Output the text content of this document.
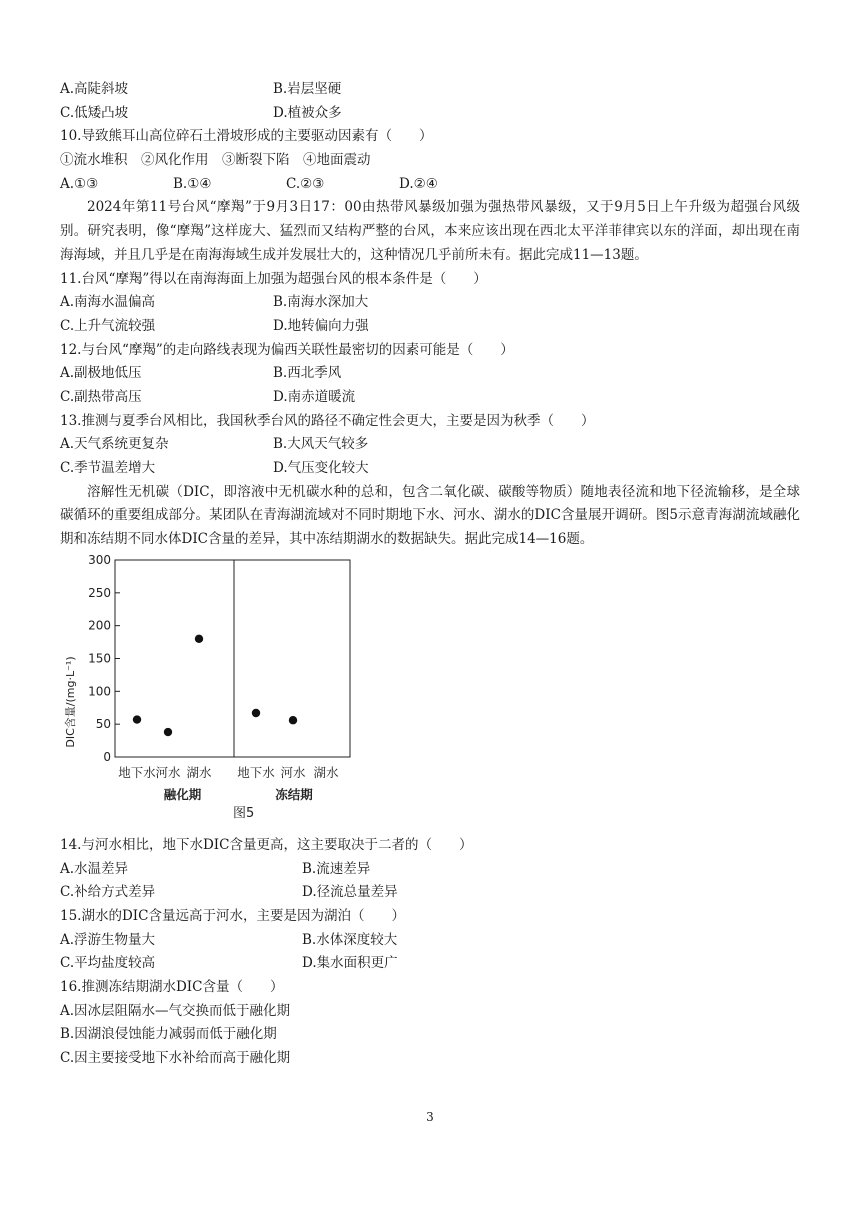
A.高陡斜坡	B.岩层坚硬
C.低矮凸坡	D.植被众多
10.导致熊耳山高位碎石土滑坡形成的主要驱动因素有（　　）
①流水堆积　②风化作用　③断裂下陷　④地面震动
A.①③	B.①④	C.②③	D.②④
2024年第11号台风“摩羯”于9月3日17：00由热带风暴级加强为强热带风暴级，又于9月5日上午升级为超强台风级别。研究表明，像“摩羯”这样庞大、猛烈而又结构严整的台风，本来应该出现在西北太平洋菲律宾以东的洋面，却出现在南海海域，并且几乎是在南海海域生成并发展壮大的，这种情况几乎前所未有。据此完成11—13题。
11.台风“摩羯”得以在南海海面上加强为超强台风的根本条件是（　　）
A.南海水温偏高	B.南海水深加大
C.上升气流较强	D.地转偏向力强
12.与台风“摩羯”的走向路线表现为偏西关联性最密切的因素可能是（　　）
A.副极地低压	B.西北季风
C.副热带高压	D.南赤道暖流
13.推测与夏季台风相比，我国秋季台风的路径不确定性会更大，主要是因为秋季（　　）
A.天气系统更复杂	B.大风天气较多
C.季节温差增大	D.气压变化较大
溶解性无机碳（DIC，即溶液中无机碳水种的总和，包含二氧化碳、碳酸等物质）随地表径流和地下径流输移，是全球碳循环的重要组成部分。某团队在青海湖流域对不同时期地下水、河水、湖水的DIC含量展开调研。图5示意青海湖流域融化期和冻结期不同水体DIC含量的差异，其中冻结期湖水的数据缺失。据此完成14—16题。
0
50
100
150
200
250
300
地下水 河水 湖水 地下水 河水 湖水
融化期	冻结期
DIC含量/(mg·L⁻¹)
图5
14.与河水相比，地下水DIC含量更高，这主要取决于二者的（　　）
A.水温差异	B.流速差异
C.补给方式差异	D.径流总量差异
15.湖水的DIC含量远高于河水，主要是因为湖泊（　　）
A.浮游生物量大	B.水体深度较大
C.平均盐度较高	D.集水面积更广
16.推测冻结期湖水DIC含量（　　）
A.因冰层阻隔水—气交换而低于融化期
B.因湖浪侵蚀能力减弱而低于融化期
C.因主要接受地下水补给而高于融化期
3
